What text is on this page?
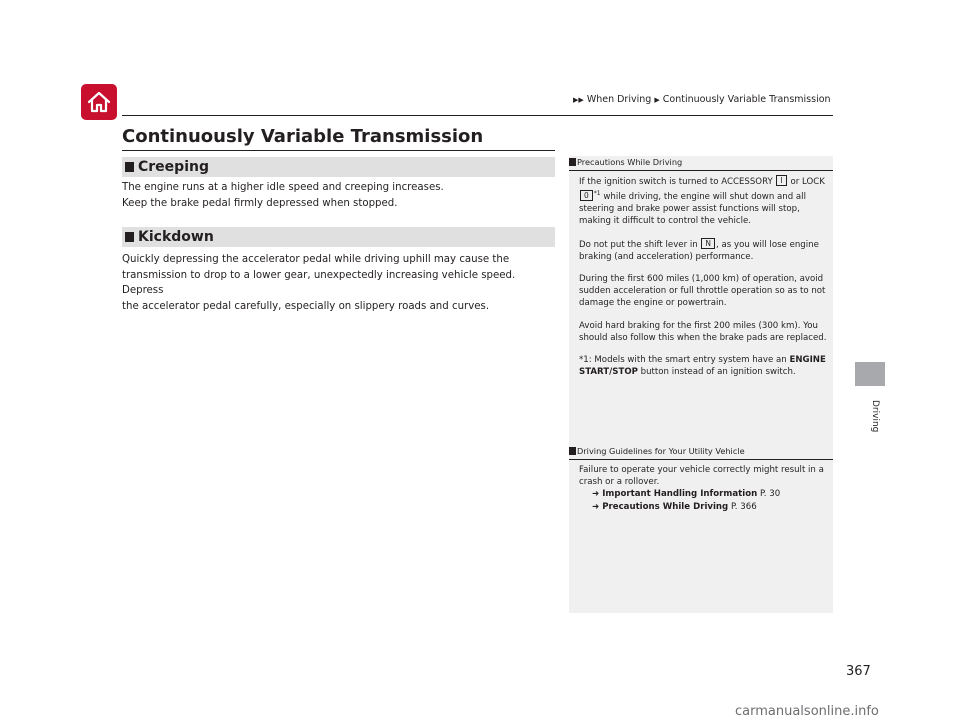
▶▶ When Driving ▶ Continuously Variable Transmission
Continuously Variable Transmission
Creeping
The engine runs at a higher idle speed and creeping increases.
Keep the brake pedal firmly depressed when stopped.
Kickdown
Quickly depressing the accelerator pedal while driving uphill may cause the
transmission to drop to a lower gear, unexpectedly increasing vehicle speed. Depress
the accelerator pedal carefully, especially on slippery roads and curves.
Precautions While Driving

If the ignition switch is turned to ACCESSORY I or LOCK 0 $^{*1}$ while driving, the engine will shut down and all steering and brake power assist functions will stop, making it difficult to control the vehicle.

Do not put the shift lever in N , as you will lose engine braking (and acceleration) performance.

During the first 600 miles (1,000 km) of operation, avoid sudden acceleration or full throttle operation so as to not damage the engine or powertrain.

Avoid hard braking for the first 200 miles (300 km). You should also follow this when the brake pads are replaced.

*1: Models with the smart entry system have an ENGINE START/STOP button instead of an ignition switch.

Driving Guidelines for Your Utility Vehicle
Failure to operate your vehicle correctly might result in a crash or a rollover.
➜ Important Handling Information P. 30
➜ Precautions While Driving P. 366
Driving
367
carmanualsonline.info
